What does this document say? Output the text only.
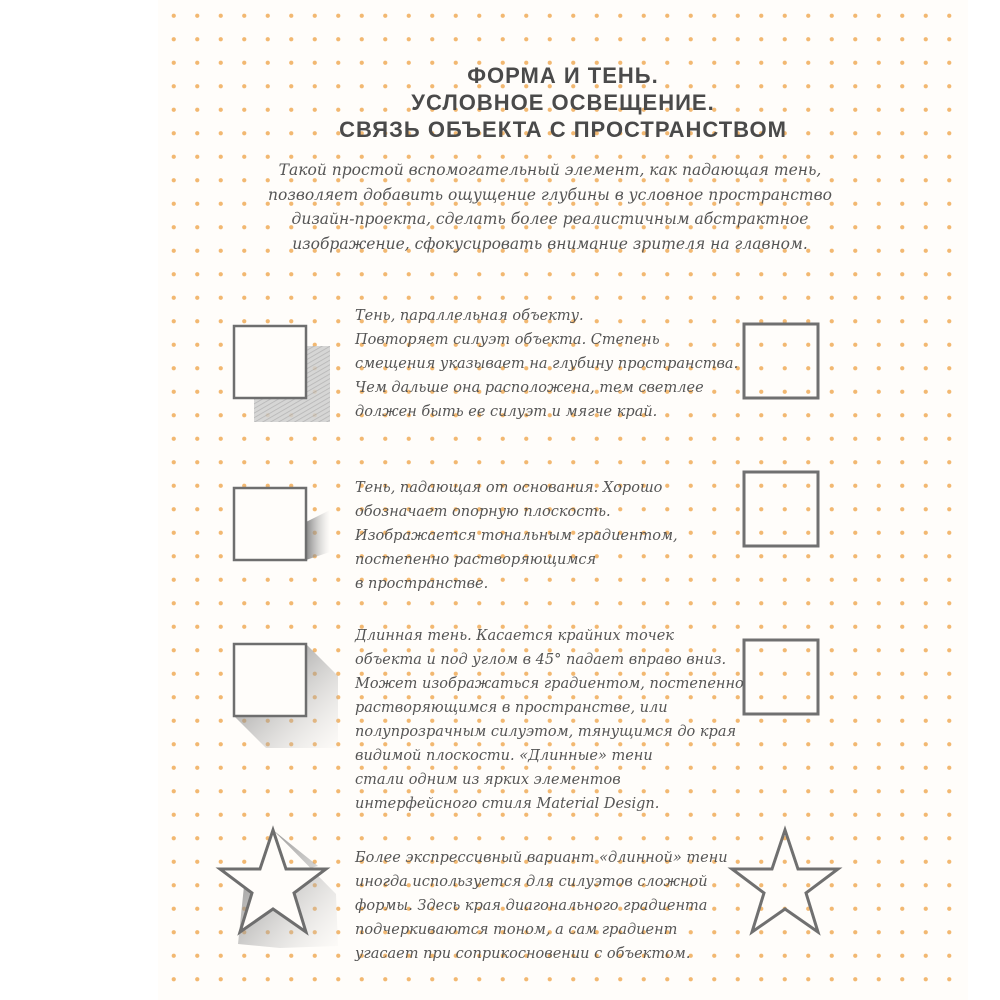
ФОРМА И ТЕНЬ.
УСЛОВНОЕ ОСВЕЩЕНИЕ.
СВЯЗЬ ОБЪЕКТА С ПРОСТРАНСТВОМ
Такой простой вспомогательный элемент, как падающая тень,
позволяет добавить ощущение глубины в условное пространство
дизайн-проекта, сделать более реалистичным абстрактное
изображение, сфокусировать внимание зрителя на главном.
Тень, параллельная объекту.
Повторяет силуэт объекта. Степень
смещения указывает на глубину пространства.
Чем дальше она расположена, тем светлее
должен быть ее силуэт и мягче край.
Тень, падающая от основания. Хорошо
обозначает опорную плоскость.
Изображается тональным градиентом,
постепенно растворяющимся
в пространстве.
Длинная тень. Касается крайних точек
объекта и под углом в 45° падает вправо вниз.
Может изображаться градиентом, постепенно
растворяющимся в пространстве, или
полупрозрачным силуэтом, тянущимся до края
видимой плоскости. «Длинные» тени
стали одним из ярких элементов
интерфейсного стиля Material Design.
Более экспрессивный вариант «длинной» тени
иногда используется для силуэтов сложной
формы. Здесь края диагонального градиента
подчеркиваются тоном, а сам градиент
угасает при соприкосновении с объектом.
